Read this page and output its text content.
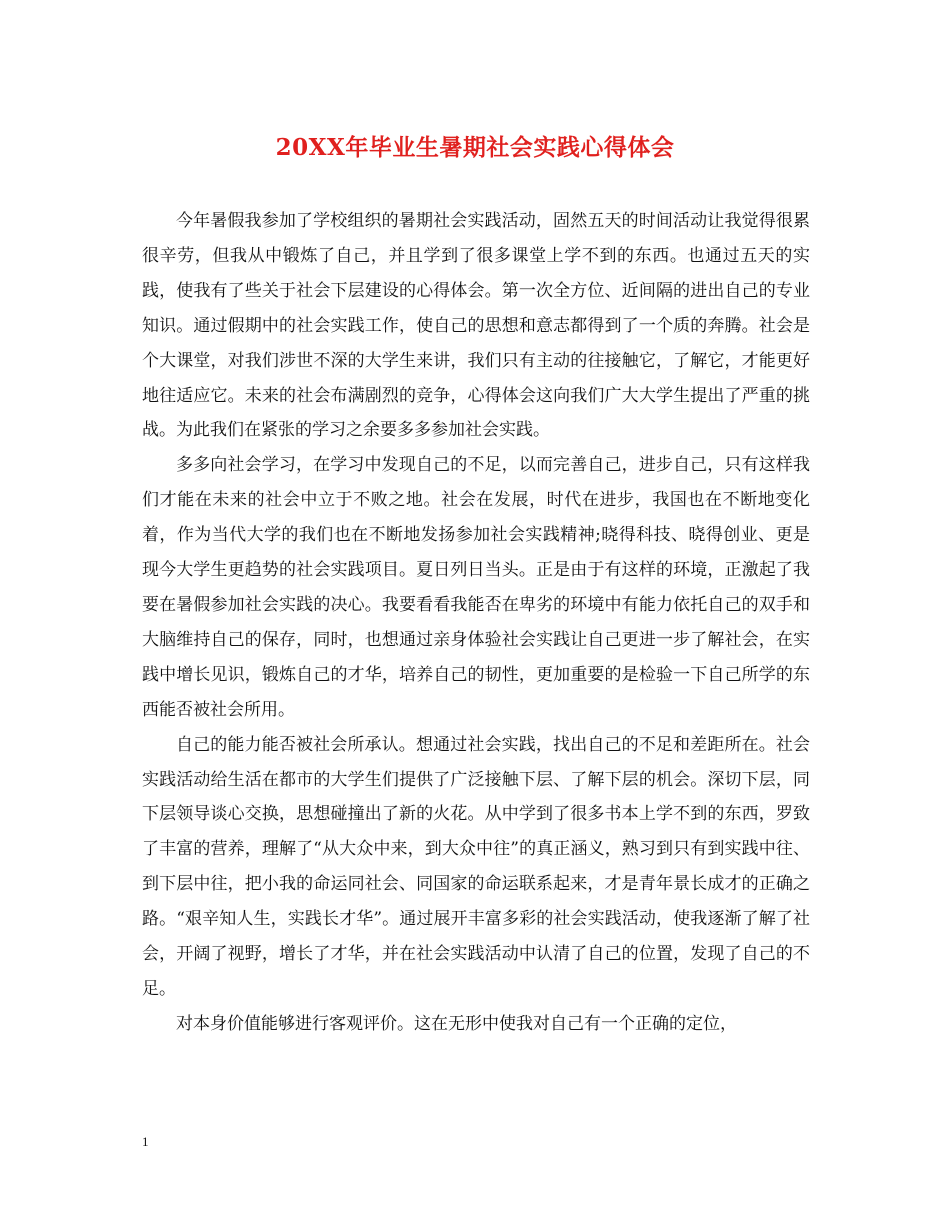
20XX年毕业生暑期社会实践心得体会

今年暑假我参加了学校组织的暑期社会实践活动，固然五天的时间活动让我觉得很累很辛劳，但我从中锻炼了自己，并且学到了很多课堂上学不到的东西。也通过五天的实践，使我有了些关于社会下层建设的心得体会。第一次全方位、近间隔的进出自己的专业知识。通过假期中的社会实践工作，使自己的思想和意志都得到了一个质的奔腾。社会是个大课堂，对我们涉世不深的大学生来讲，我们只有主动的往接触它，了解它，才能更好地往适应它。未来的社会布满剧烈的竞争，心得体会这向我们广大大学生提出了严重的挑战。为此我们在紧张的学习之余要多多参加社会实践。

多多向社会学习，在学习中发现自己的不足，以而完善自己，进步自己，只有这样我们才能在未来的社会中立于不败之地。社会在发展，时代在进步，我国也在不断地变化着，作为当代大学的我们也在不断地发扬参加社会实践精神;晓得科技、晓得创业、更是现今大学生更趋势的社会实践项目。夏日列日当头。正是由于有这样的环境，正激起了我要在暑假参加社会实践的决心。我要看看我能否在卑劣的环境中有能力依托自己的双手和大脑维持自己的保存，同时，也想通过亲身体验社会实践让自己更进一步了解社会，在实践中增长见识，锻炼自己的才华，培养自己的韧性，更加重要的是检验一下自己所学的东西能否被社会所用。

自己的能力能否被社会所承认。想通过社会实践，找出自己的不足和差距所在。社会实践活动给生活在都市的大学生们提供了广泛接触下层、了解下层的机会。深切下层，同下层领导谈心交换，思想碰撞出了新的火花。从中学到了很多书本上学不到的东西，罗致了丰富的营养，理解了“从大众中来，到大众中往”的真正涵义，熟习到只有到实践中往、到下层中往，把小我的命运同社会、同国家的命运联系起来，才是青年景长成才的正确之路。“艰辛知人生，实践长才华”。通过展开丰富多彩的社会实践活动，使我逐渐了解了社会，开阔了视野，增长了才华，并在社会实践活动中认清了自己的位置，发现了自己的不足。

对本身价值能够进行客观评价。这在无形中使我对自己有一个正确的定位，

1
